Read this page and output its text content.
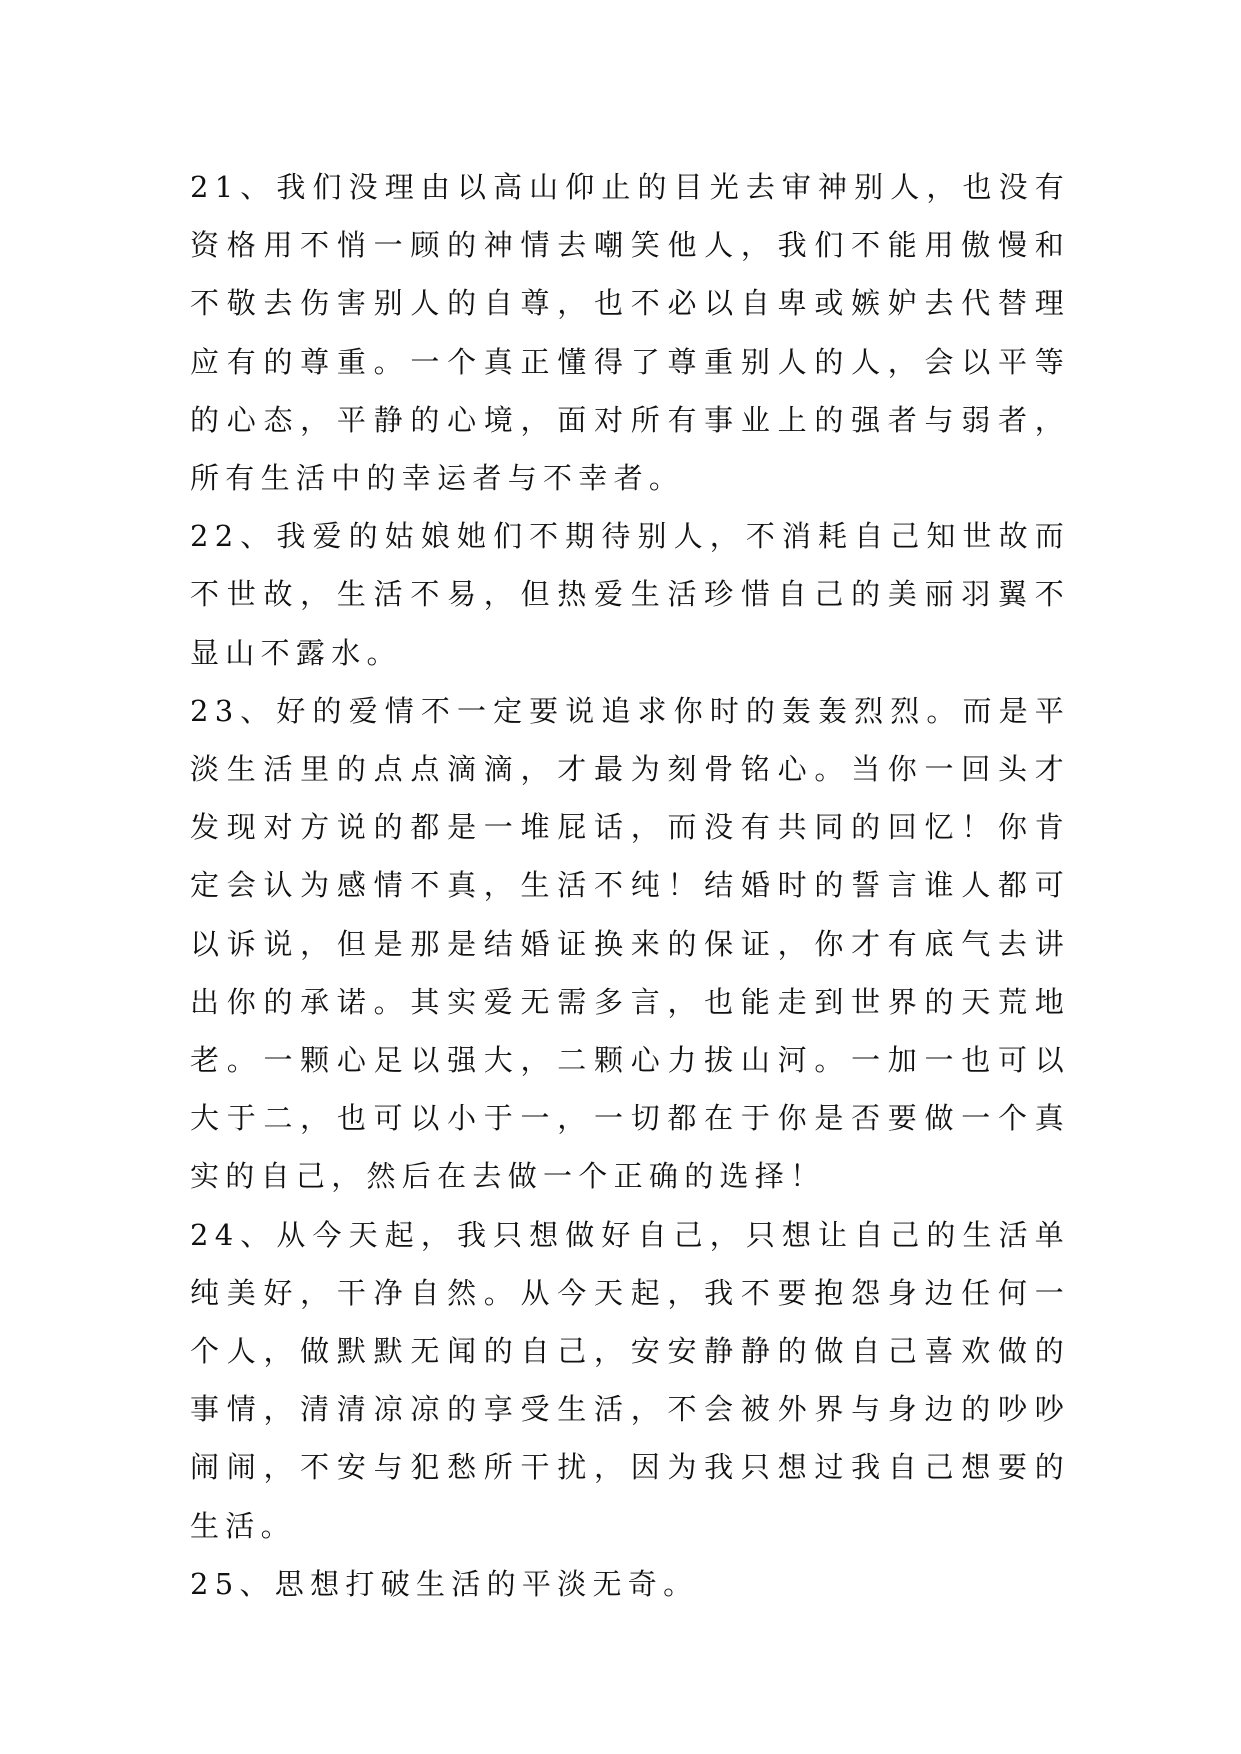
21、我们没理由以高山仰止的目光去审神别人，也没有资格用不悄一顾的神情去嘲笑他人，我们不能用傲慢和不敬去伤害别人的自尊，也不必以自卑或嫉妒去代替理应有的尊重。一个真正懂得了尊重别人的人，会以平等的心态，平静的心境，面对所有事业上的强者与弱者，所有生活中的幸运者与不幸者。

22、我爱的姑娘她们不期待别人，不消耗自己知世故而不世故，生活不易，但热爱生活珍惜自己的美丽羽翼不显山不露水。

23、好的爱情不一定要说追求你时的轰轰烈烈。而是平淡生活里的点点滴滴，才最为刻骨铭心。当你一回头才发现对方说的都是一堆屁话，而没有共同的回忆！你肯定会认为感情不真，生活不纯！结婚时的誓言谁人都可以诉说，但是那是结婚证换来的保证，你才有底气去讲出你的承诺。其实爱无需多言，也能走到世界的天荒地老。一颗心足以强大，二颗心力拔山河。一加一也可以大于二，也可以小于一，一切都在于你是否要做一个真实的自己，然后在去做一个正确的选择！

24、从今天起，我只想做好自己，只想让自己的生活单纯美好，干净自然。从今天起，我不要抱怨身边任何一个人，做默默无闻的自己，安安静静的做自己喜欢做的事情，清清凉凉的享受生活，不会被外界与身边的吵吵闹闹，不安与犯愁所干扰，因为我只想过我自己想要的生活。

25、思想打破生活的平淡无奇。
